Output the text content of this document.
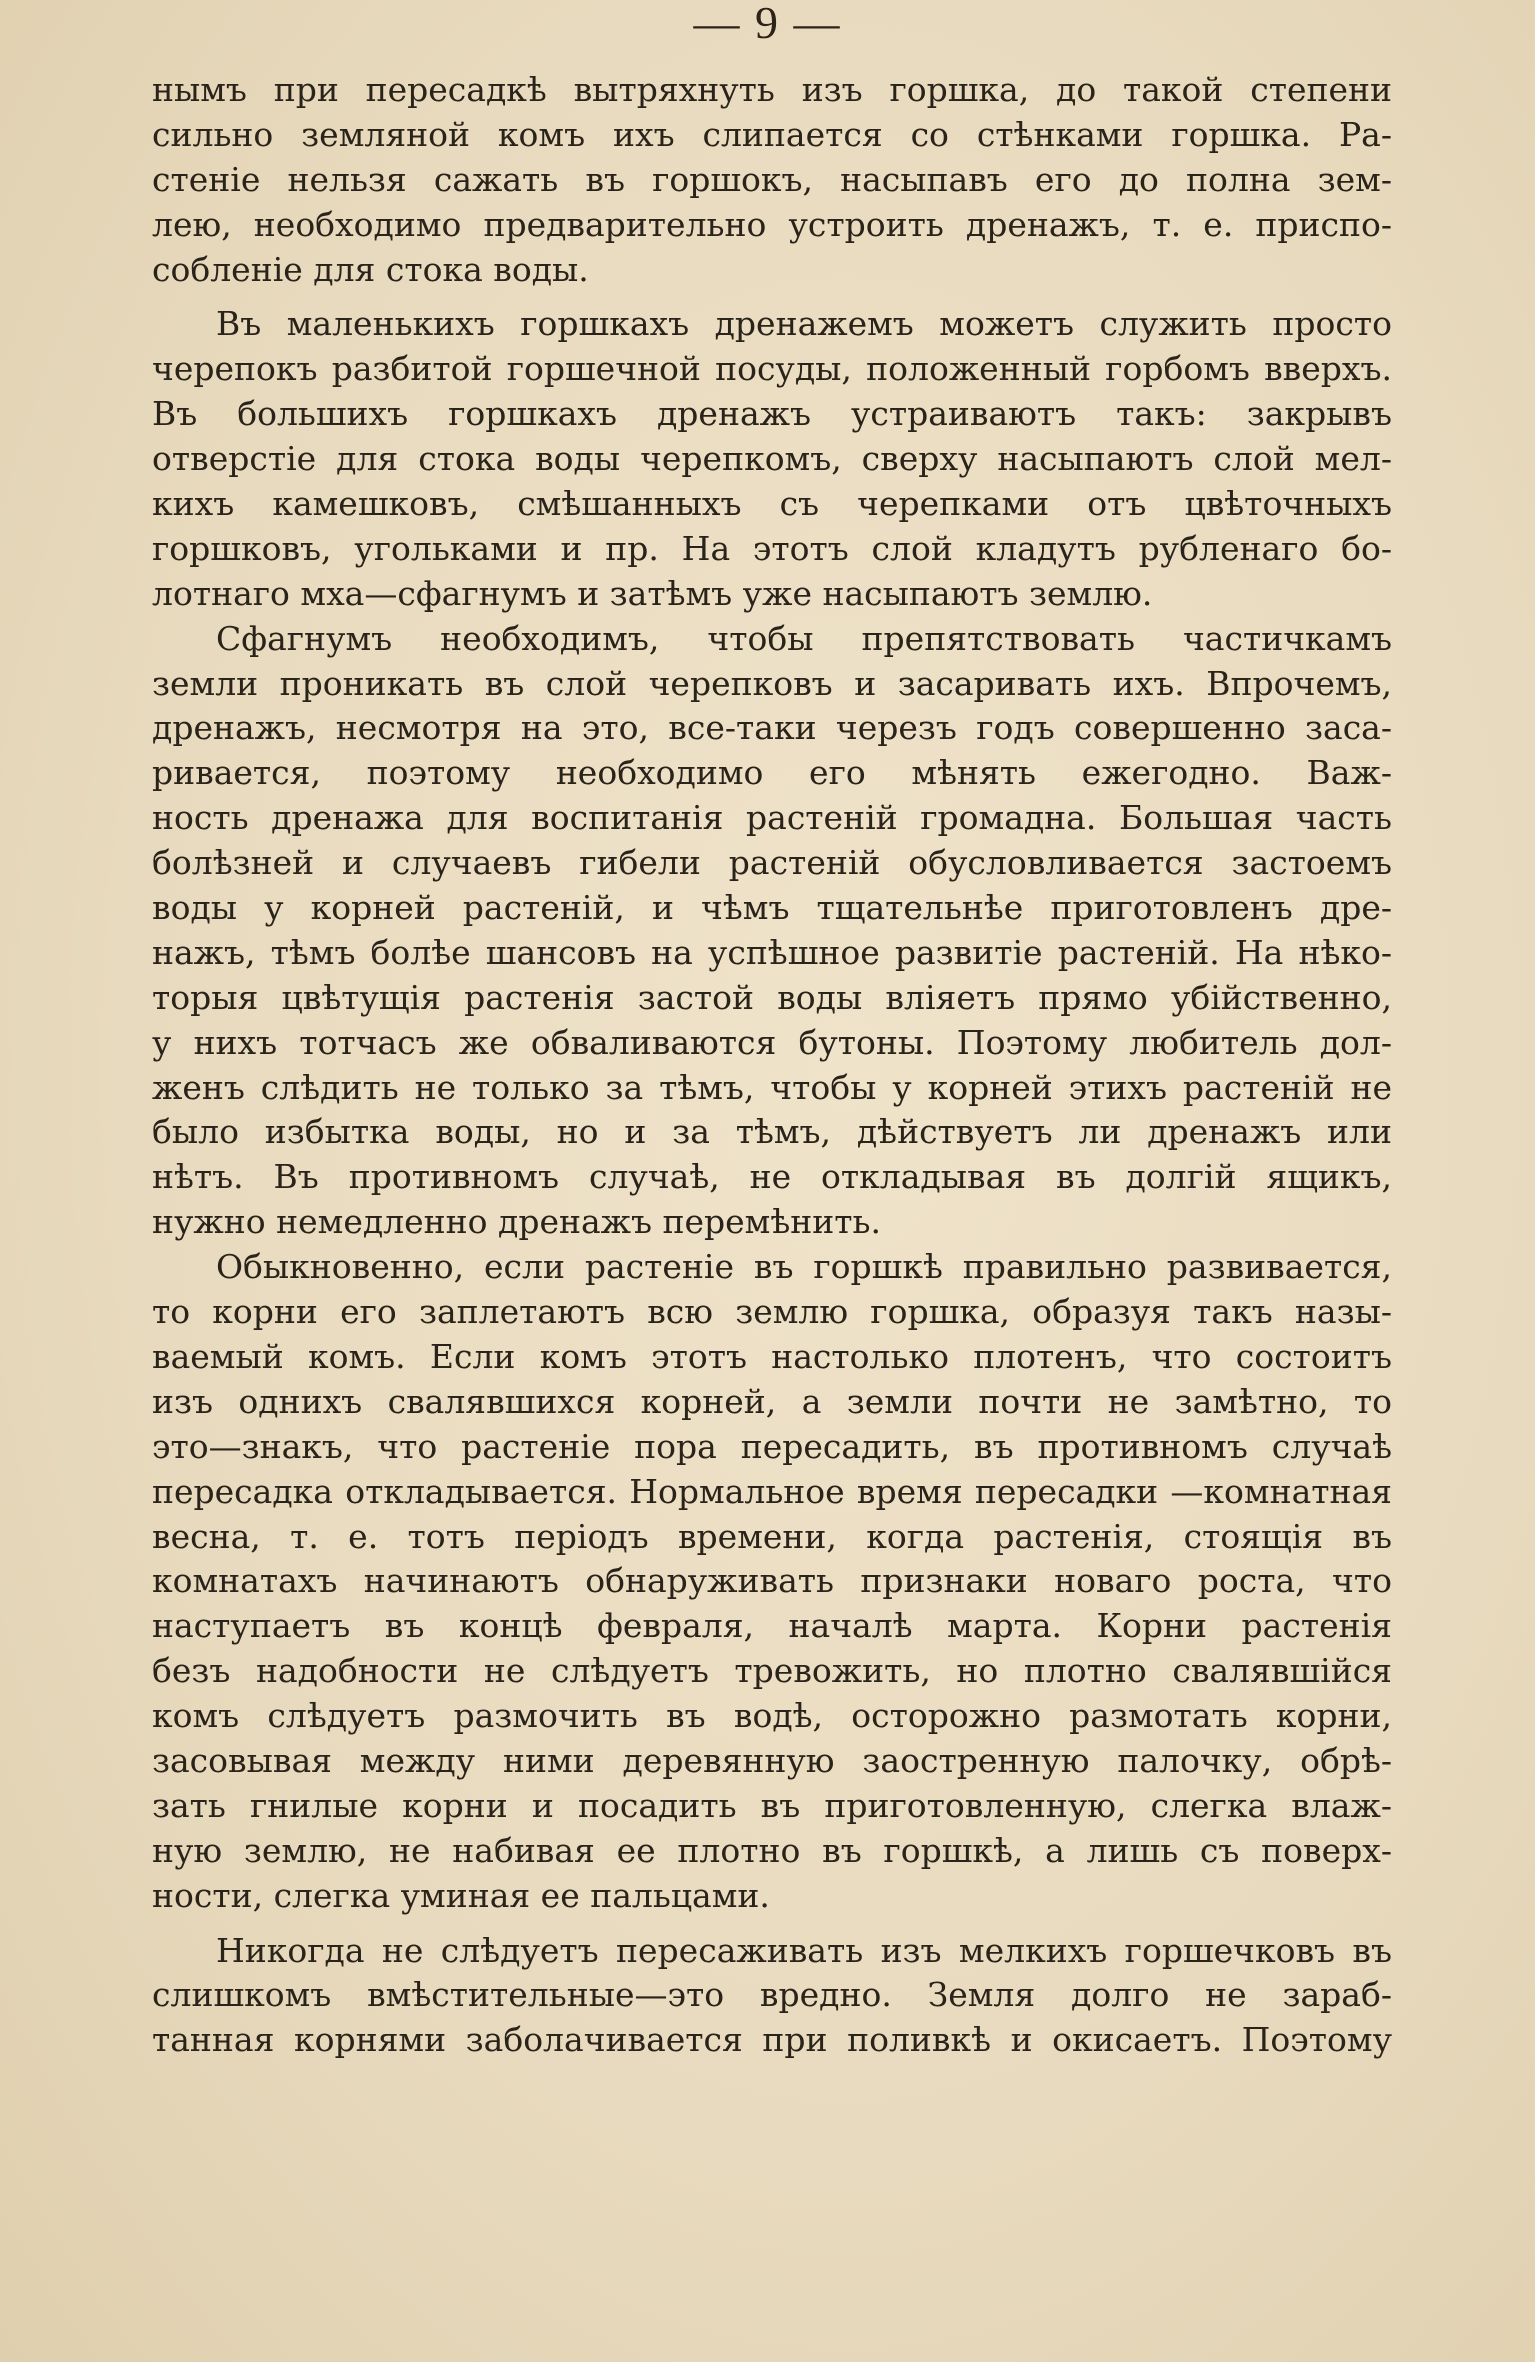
— 9 —
нымъ при пересадкѣ вытряхнуть изъ горшка, до такой степени
сильно земляной комъ ихъ слипается со стѣнками горшка. Ра-
стеніе нельзя сажать въ горшокъ, насыпавъ его до полна зем-
лею, необходимо предварительно устроить дренажъ, т. е. приспо-
собленіе для стока воды.
Въ маленькихъ горшкахъ дренажемъ можетъ служить просто
черепокъ разбитой горшечной посуды, положенный горбомъ вверхъ.
Въ большихъ горшкахъ дренажъ устраиваютъ такъ: закрывъ
отверстіе для стока воды черепкомъ, сверху насыпаютъ слой мел-
кихъ камешковъ, смѣшанныхъ съ черепками отъ цвѣточныхъ
горшковъ, угольками и пр. На этотъ слой кладутъ рубленаго бо-
лотнаго мха—сфагнумъ и затѣмъ уже насыпаютъ землю.
Сфагнумъ необходимъ, чтобы препятствовать частичкамъ
земли проникать въ слой черепковъ и засаривать ихъ. Впрочемъ,
дренажъ, несмотря на это, все-таки черезъ годъ совершенно заса-
ривается, поэтому необходимо его мѣнять ежегодно. Важ-
ность дренажа для воспитанія растеній громадна. Большая часть
болѣзней и случаевъ гибели растеній обусловливается застоемъ
воды у корней растеній, и чѣмъ тщательнѣе приготовленъ дре-
нажъ, тѣмъ болѣе шансовъ на успѣшное развитіе растеній. На нѣко-
торыя цвѣтущія растенія застой воды вліяетъ прямо убійственно,
у нихъ тотчасъ же обваливаются бутоны. Поэтому любитель дол-
женъ слѣдить не только за тѣмъ, чтобы у корней этихъ растеній не
было избытка воды, но и за тѣмъ, дѣйствуетъ ли дренажъ или
нѣтъ. Въ противномъ случаѣ, не откладывая въ долгій ящикъ,
нужно немедленно дренажъ перемѣнить.
Обыкновенно, если растеніе въ горшкѣ правильно развивается,
то корни его заплетаютъ всю землю горшка, образуя такъ назы-
ваемый комъ. Если комъ этотъ настолько плотенъ, что состоитъ
изъ однихъ свалявшихся корней, а земли почти не замѣтно, то
это—знакъ, что растеніе пора пересадить, въ противномъ случаѣ
пересадка откладывается. Нормальное время пересадки —комнатная
весна, т. е. тотъ періодъ времени, когда растенія, стоящія въ
комнатахъ начинаютъ обнаруживать признаки новаго роста, что
наступаетъ въ концѣ февраля, началѣ марта. Корни растенія
безъ надобности не слѣдуетъ тревожить, но плотно свалявшійся
комъ слѣдуетъ размочить въ водѣ, осторожно размотать корни,
засовывая между ними деревянную заостренную палочку, обрѣ-
зать гнилые корни и посадить въ приготовленную, слегка влаж-
ную землю, не набивая ее плотно въ горшкѣ, а лишь съ поверх-
ности, слегка уминая ее пальцами.
Никогда не слѣдуетъ пересаживать изъ мелкихъ горшечковъ въ
слишкомъ вмѣстительные—это вредно. Земля долго не зараб-
танная корнями заболачивается при поливкѣ и окисаетъ. Поэтому
